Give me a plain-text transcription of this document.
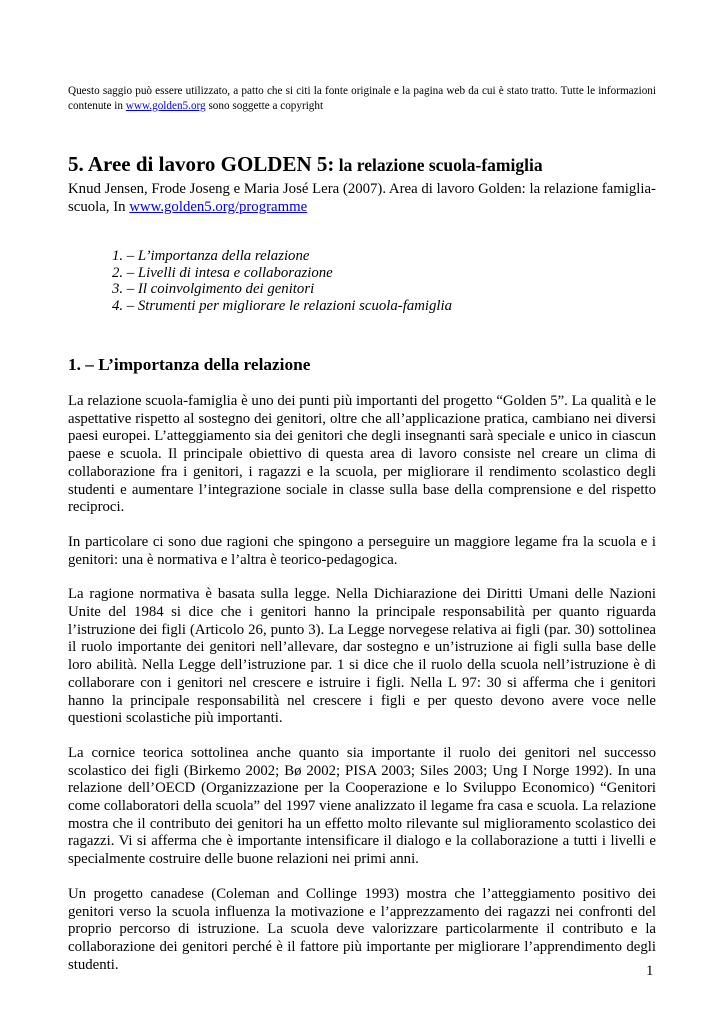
Questo saggio può essere utilizzato, a patto che si citi la fonte originale e la pagina web da cui è stato tratto. Tutte le informazioni contenute in www.golden5.org sono soggette a copyright

5. Aree di lavoro GOLDEN 5: la relazione scuola-famiglia

Knud Jensen, Frode Joseng e Maria José Lera (2007). Area di lavoro Golden: la relazione famiglia-scuola, In www.golden5.org/programme

1. – L’importanza della relazione
2. – Livelli di intesa e collaborazione
3. – Il coinvolgimento dei genitori
4. – Strumenti per migliorare le relazioni scuola-famiglia
1. – L’importanza della relazione

La relazione scuola-famiglia è uno dei punti più importanti del progetto “Golden 5”. La qualità e le aspettative rispetto al sostegno dei genitori, oltre che all’applicazione pratica, cambiano nei diversi paesi europei. L’atteggiamento sia dei genitori che degli insegnanti sarà speciale e unico in ciascun paese e scuola. Il principale obiettivo di questa area di lavoro consiste nel creare un clima di collaborazione fra i genitori, i ragazzi e la scuola, per migliorare il rendimento scolastico degli studenti e aumentare l’integrazione sociale in classe sulla base della comprensione e del rispetto reciproci.

In particolare ci sono due ragioni che spingono a perseguire un maggiore legame fra la scuola e i genitori: una è normativa e l’altra è teorico-pedagogica.

La ragione normativa è basata sulla legge. Nella Dichiarazione dei Diritti Umani delle Nazioni Unite del 1984 si dice che i genitori hanno la principale responsabilità per quanto riguarda l’istruzione dei figli (Articolo 26, punto 3). La Legge norvegese relativa ai figli (par. 30) sottolinea il ruolo importante dei genitori nell’allevare, dar sostegno e un’istruzione ai figli sulla base delle loro abilità. Nella Legge dell’istruzione par. 1 si dice che il ruolo della scuola nell’istruzione è di collaborare con i genitori nel crescere e istruire i figli. Nella L 97: 30 si afferma che i genitori hanno la principale responsabilità nel crescere i figli e per questo devono avere voce nelle questioni scolastiche più importanti.

La cornice teorica sottolinea anche quanto sia importante il ruolo dei genitori nel successo scolastico dei figli (Birkemo 2002; Bø 2002; PISA 2003; Siles 2003; Ung I Norge 1992). In una relazione dell’OECD (Organizzazione per la Cooperazione e lo Sviluppo Economico) “Genitori come collaboratori della scuola” del 1997 viene analizzato il legame fra casa e scuola. La relazione mostra che il contributo dei genitori ha un effetto molto rilevante sul miglioramento scolastico dei ragazzi. Vi si afferma che è importante intensificare il dialogo e la collaborazione a tutti i livelli e specialmente costruire delle buone relazioni nei primi anni.

Un progetto canadese (Coleman and Collinge 1993) mostra che l’atteggiamento positivo dei genitori verso la scuola influenza la motivazione e l’apprezzamento dei ragazzi nei confronti del proprio percorso di istruzione. La scuola deve valorizzare particolarmente il contributo e la collaborazione dei genitori perché è il fattore più importante per migliorare l’apprendimento degli studenti.	1
